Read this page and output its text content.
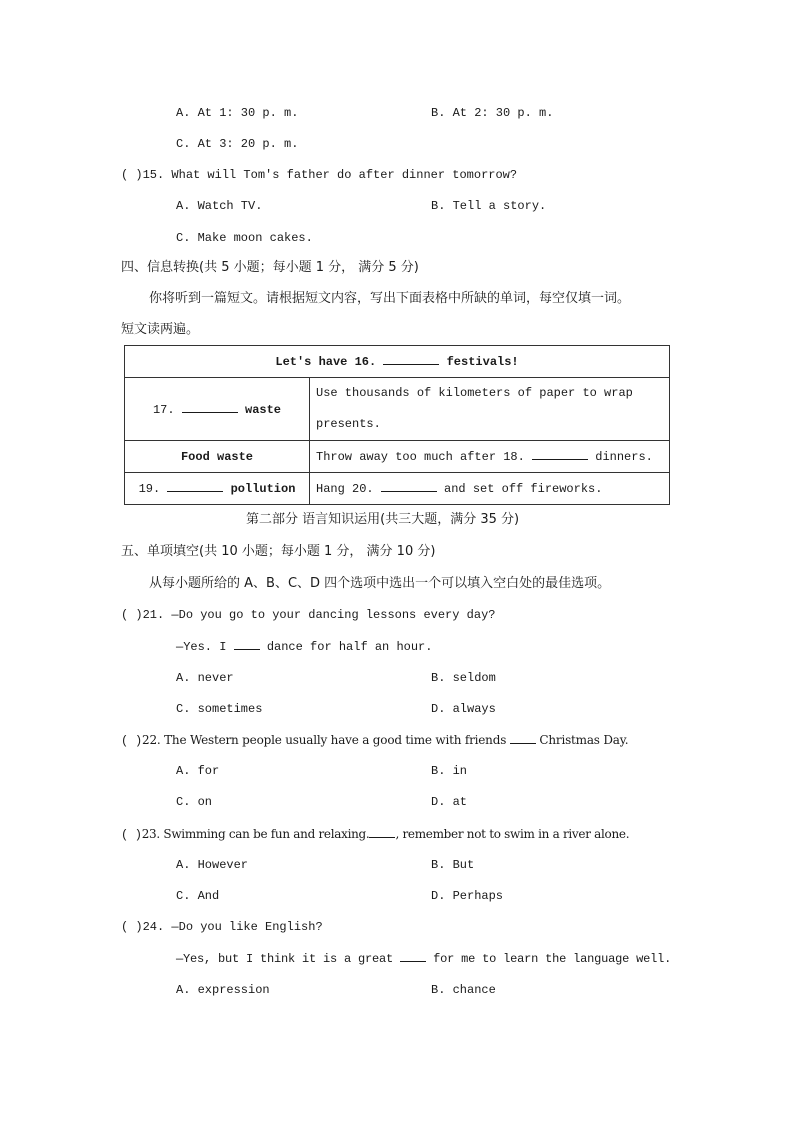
A. At 1: 30 p. m.	B. At 2: 30 p. m.
C. At 3: 20 p. m.
( )15. What will Tom's father do after dinner tomorrow?
A. Watch TV.	B. Tell a story.
C. Make moon cakes.
四、信息转换(共 5 小题；每小题 1 分， 满分 5 分)
你将听到一篇短文。请根据短文内容，写出下面表格中所缺的单词，每空仅填一词。
短文读两遍。
Let's have 16. festivals!	
17. waste	Use thousands of kilometers of paper to wrap
presents.

Food waste	Throw away too much after 18. dinners.
19. pollution	Hang 20. and set off fireworks.
第二部分 语言知识运用(共三大题，满分 35 分)
五、单项填空(共 10 小题；每小题 1 分， 满分 10 分)
从每小题所给的 A、B、C、D 四个选项中选出一个可以填入空白处的最佳选项。
( )21. —Do you go to your dancing lessons every day?
—Yes. I	dance for half an hour.
A. never	B. seldom
C. sometimes	D. always
( )22. The Western people usually have a good time with friends	Christmas Day.
A. for	B. in
C. on	D. at
( )23. Swimming can be fun and relaxing. , remember not to swim in a river alone.
A. However	B. But
C. And	D. Perhaps
( )24. —Do you like English?
—Yes, but I think it is a great	for me to learn the language well.
A. expression	B. chance
